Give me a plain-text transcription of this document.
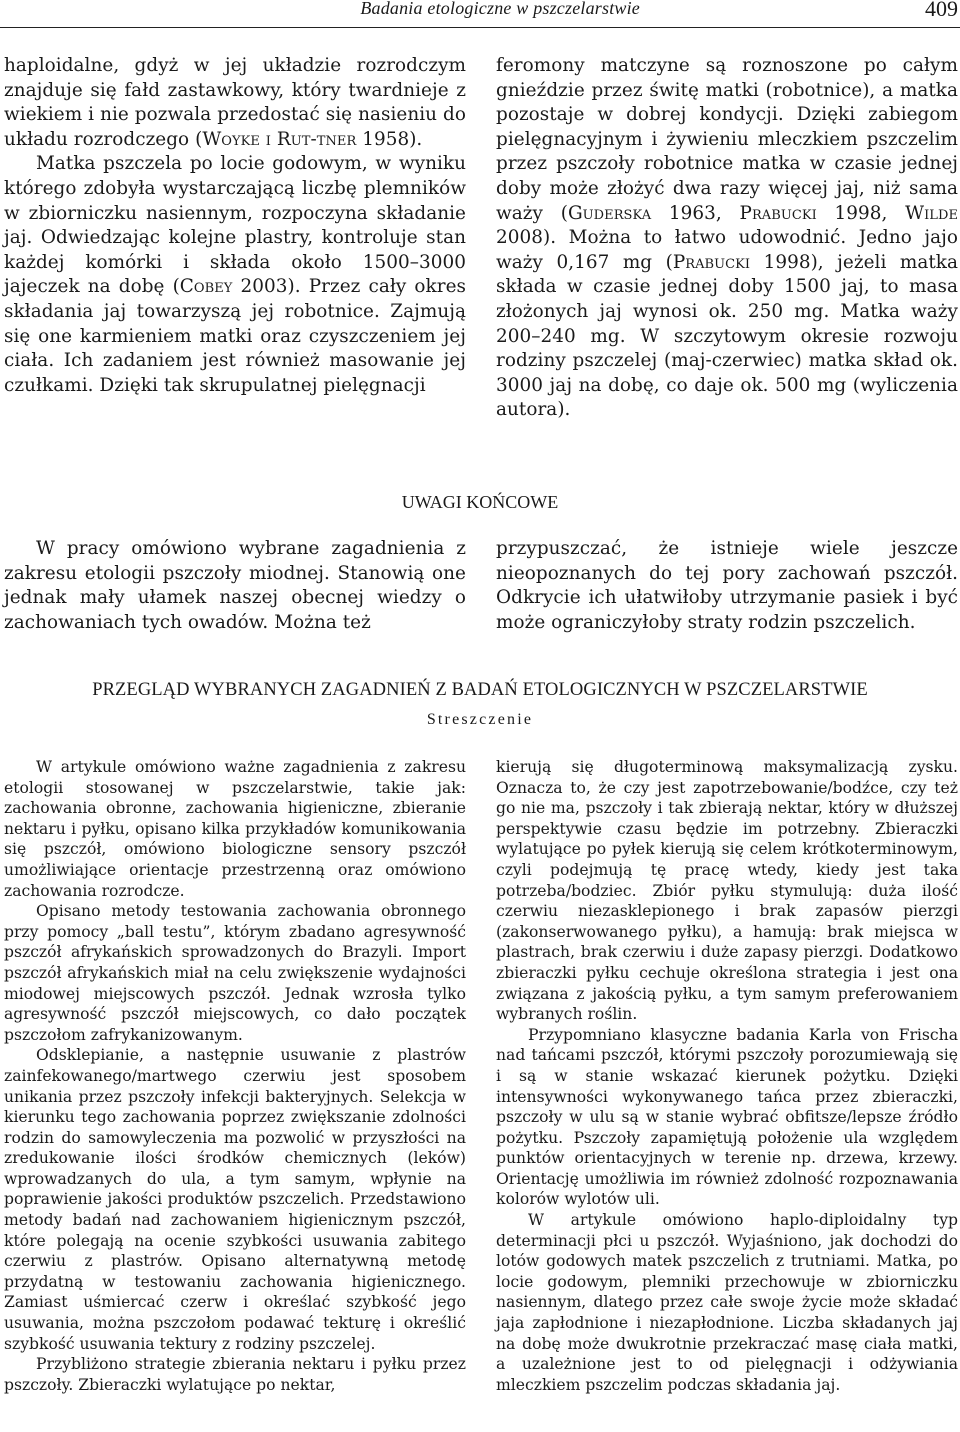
Badania etologiczne w pszczelarstwie	409

haploidalne, gdyż w jej układzie rozrodczym znajduje się fałd zastawkowy, który twardnieje z wiekiem i nie pozwala przedostać się nasieniu do układu rozrodczego (Woyke i Rut-tner 1958).

Matka pszczela po locie godowym, w wyniku którego zdobyła wystarczającą liczbę plemników w zbiorniczku nasiennym, rozpoczyna składanie jaj. Odwiedzając kolejne plastry, kontroluje stan każdej komórki i składa około 1500–3000 jajeczek na dobę (Cobey 2003). Przez cały okres składania jaj towarzyszą jej robotnice. Zajmują się one karmieniem matki oraz czyszczeniem jej ciała. Ich zadaniem jest również masowanie jej czułkami. Dzięki tak skrupulatnej pielęgnacji

feromony matczyne są roznoszone po całym gnieździe przez świtę matki (robotnice), a matka pozostaje w dobrej kondycji. Dzięki zabiegom pielęgnacyjnym i żywieniu mleczkiem pszczelim przez pszczoły robotnice matka w czasie jednej doby może złożyć dwa razy więcej jaj, niż sama waży (Guderska 1963, Prabucki 1998, Wilde 2008). Można to łatwo udowodnić. Jedno jajo waży 0,167 mg (Prabucki 1998), jeżeli matka składa w czasie jednej doby 1500 jaj, to masa złożonych jaj wynosi ok. 250 mg. Matka waży 200–240 mg. W szczytowym okresie rozwoju rodziny pszczelej (maj-czerwiec) matka skład ok. 3000 jaj na dobę, co daje ok. 500 mg (wyliczenia autora).

UWAGI KOŃCOWE

W pracy omówiono wybrane zagadnienia z zakresu etologii pszczoły miodnej. Stanowią one jednak mały ułamek naszej obecnej wiedzy o zachowaniach tych owadów. Można też

przypuszczać, że istnieje wiele jeszcze nieopoznanych do tej pory zachowań pszczół. Odkrycie ich ułatwiłoby utrzymanie pasiek i być może ograniczyłoby straty rodzin pszczelich.

PRZEGLĄD WYBRANYCH ZAGADNIEŃ Z BADAŃ ETOLOGICZNYCH W PSZCZELARSTWIE
Streszczenie

W artykule omówiono ważne zagadnienia z zakresu etologii stosowanej w pszczelarstwie, takie jak: zachowania obronne, zachowania higieniczne, zbieranie nektaru i pyłku, opisano kilka przykładów komunikowania się pszczół, omówiono biologiczne sensory pszczół umożliwiające orientacje przestrzenną oraz omówiono zachowania rozrodcze.

Opisano metody testowania zachowania obronnego przy pomocy „ball testu”, którym zbadano agresywność pszczół afrykańskich sprowadzonych do Brazyli. Import pszczół afrykańskich miał na celu zwiększenie wydajności miodowej miejscowych pszczół. Jednak wzrosła tylko agresywność pszczół miejscowych, co dało początek pszczołom zafrykanizowanym.

Odsklepianie, a następnie usuwanie z plastrów zainfekowanego/martwego czerwiu jest sposobem unikania przez pszczoły infekcji bakteryjnych. Selekcja w kierunku tego zachowania poprzez zwiększanie zdolności rodzin do samowyleczenia ma pozwolić w przyszłości na zredukowanie ilości środków chemicznych (leków) wprowadzanych do ula, a tym samym, wpłynie na poprawienie jakości produktów pszczelich. Przedstawiono metody badań nad zachowaniem higienicznym pszczół, które polegają na ocenie szybkości usuwania zabitego czerwiu z plastrów. Opisano alternatywną metodę przydatną w testowaniu zachowania higienicznego. Zamiast uśmiercać czerw i określać szybkość jego usuwania, można pszczołom podawać tekturę i określić szybkość usuwania tektury z rodziny pszczelej.

Przybliżono strategie zbierania nektaru i pyłku przez pszczoły. Zbieraczki wylatujące po nektar,

kierują się długoterminową maksymalizacją zysku. Oznacza to, że czy jest zapotrzebowanie/bodźce, czy też go nie ma, pszczoły i tak zbierają nektar, który w dłuższej perspektywie czasu będzie im potrzebny. Zbieraczki wylatujące po pyłek kierują się celem krótkoterminowym, czyli podejmują tę pracę wtedy, kiedy jest taka potrzeba/bodziec. Zbiór pyłku stymulują: duża ilość czerwiu niezasklepionego i brak zapasów pierzgi (zakonserwowanego pyłku), a hamują: brak miejsca w plastrach, brak czerwiu i duże zapasy pierzgi. Dodatkowo zbieraczki pyłku cechuje określona strategia i jest ona związana z jakością pyłku, a tym samym preferowaniem wybranych roślin.

Przypomniano klasyczne badania Karla von Frischa nad tańcami pszczół, którymi pszczoły porozumiewają się i są w stanie wskazać kierunek pożytku. Dzięki intensywności wykonywanego tańca przez zbieraczki, pszczoły w ulu są w stanie wybrać obfitsze/lepsze źródło pożytku. Pszczoły zapamiętują położenie ula względem punktów orientacyjnych w terenie np. drzewa, krzewy. Orientację umożliwia im również zdolność rozpoznawania kolorów wylotów uli.

W artykule omówiono haplo-diploidalny typ determinacji płci u pszczół. Wyjaśniono, jak dochodzi do lotów godowych matek pszczelich z trutniami. Matka, po locie godowym, plemniki przechowuje w zbiorniczku nasiennym, dlatego przez całe swoje życie może składać jaja zapłodnione i niezapłodnione. Liczba składanych jaj na dobę może dwukrotnie przekraczać masę ciała matki, a uzależnione jest to od pielęgnacji i odżywiania mleczkiem pszczelim podczas składania jaj.
